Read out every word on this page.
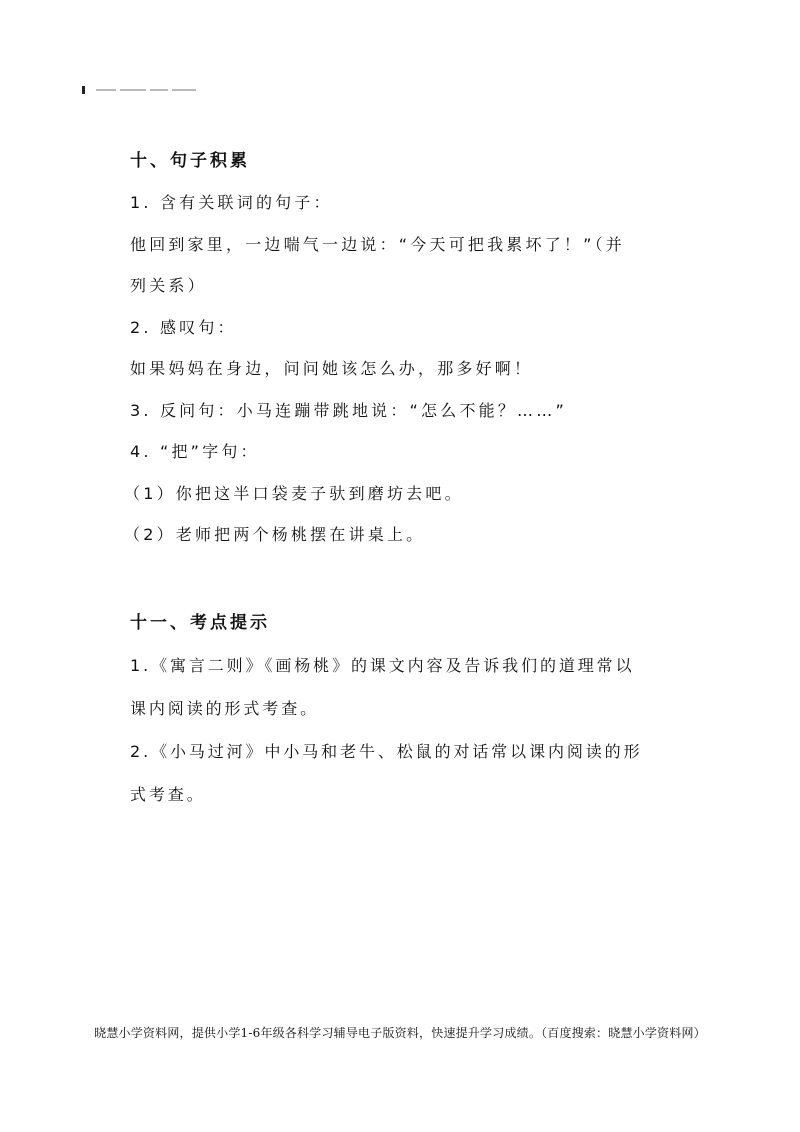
十、句子积累

1. 含有关联词的句子：

他回到家里，一边喘气一边说：“今天可把我累坏了！”（并

列关系）

2. 感叹句：

如果妈妈在身边，问问她该怎么办，那多好啊！

3. 反问句：小马连蹦带跳地说：“怎么不能？……”

4. “把”字句：

（1）你把这半口袋麦子驮到磨坊去吧。

（2）老师把两个杨桃摆在讲桌上。

十一、考点提示

1.《寓言二则》《画杨桃》的课文内容及告诉我们的道理常以

课内阅读的形式考查。

2.《小马过河》中小马和老牛、松鼠的对话常以课内阅读的形

式考查。

晓慧小学资料网，提供小学1-6年级各科学习辅导电子版资料，快速提升学习成绩。（百度搜索：晓慧小学资料网）
